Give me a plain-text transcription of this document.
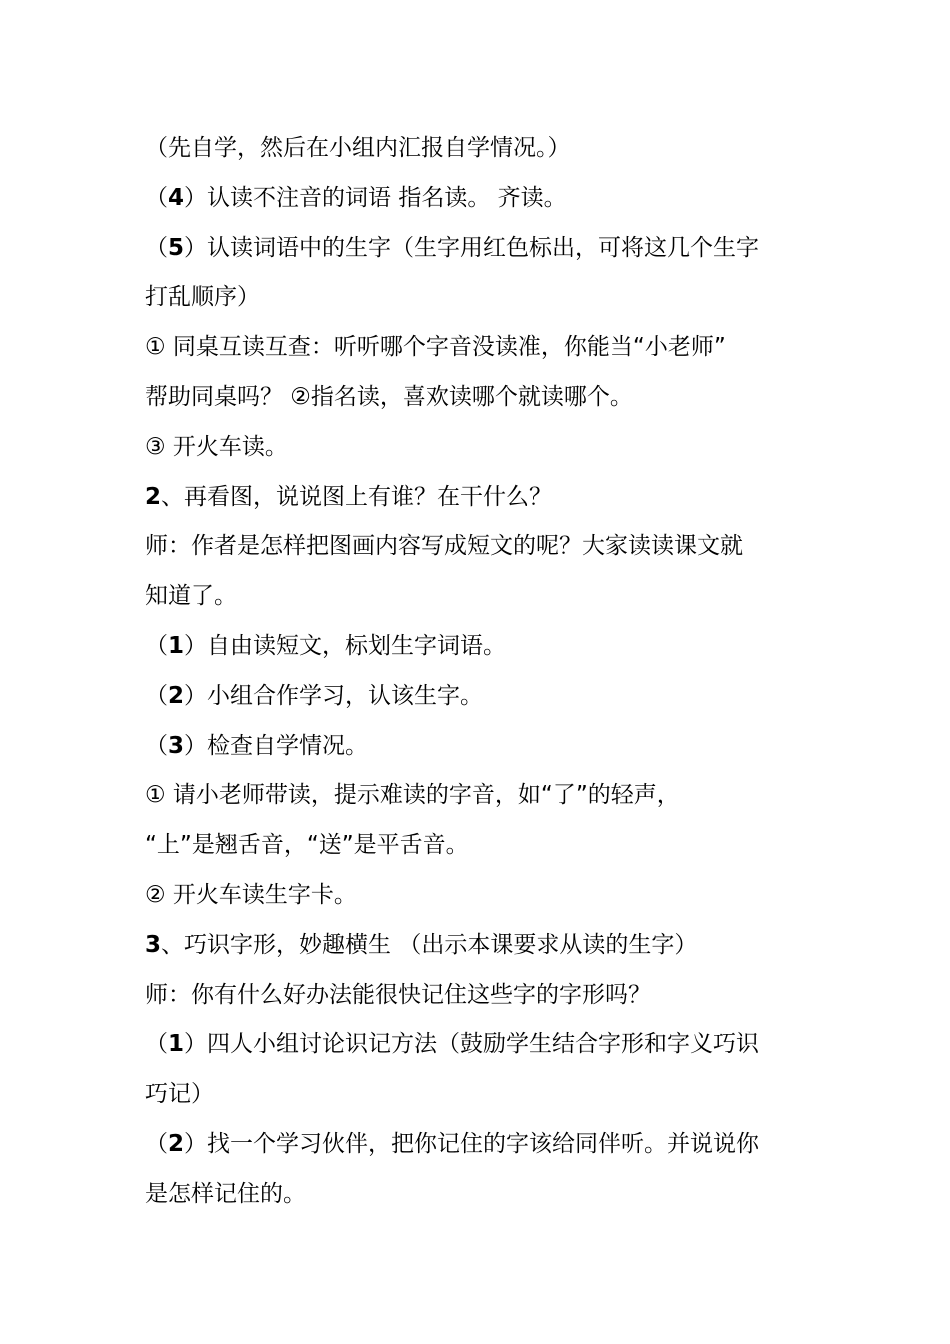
（先自学，然后在小组内汇报自学情况。）
（4）认读不注音的词语 指名读。 齐读。
（5）认读词语中的生字（生字用红色标出，可将这几个生字
打乱顺序）
① 同桌互读互查：听听哪个字音没读准，你能当“小老师”
帮助同桌吗？ ②指名读，喜欢读哪个就读哪个。
③ 开火车读。
2、再看图，说说图上有谁？在干什么？
师：作者是怎样把图画内容写成短文的呢？大家读读课文就
知道了。
（1）自由读短文，标划生字词语。
（2）小组合作学习，认该生字。
（3）检查自学情况。
① 请小老师带读，提示难读的字音，如“了”的轻声，
“上”是翘舌音，“送”是平舌音。
② 开火车读生字卡。
3、巧识字形，妙趣横生 （出示本课要求从读的生字）
师：你有什么好办法能很快记住这些字的字形吗？
（1）四人小组讨论识记方法（鼓励学生结合字形和字义巧识
巧记）
（2）找一个学习伙伴，把你记住的字该给同伴听。并说说你
是怎样记住的。
